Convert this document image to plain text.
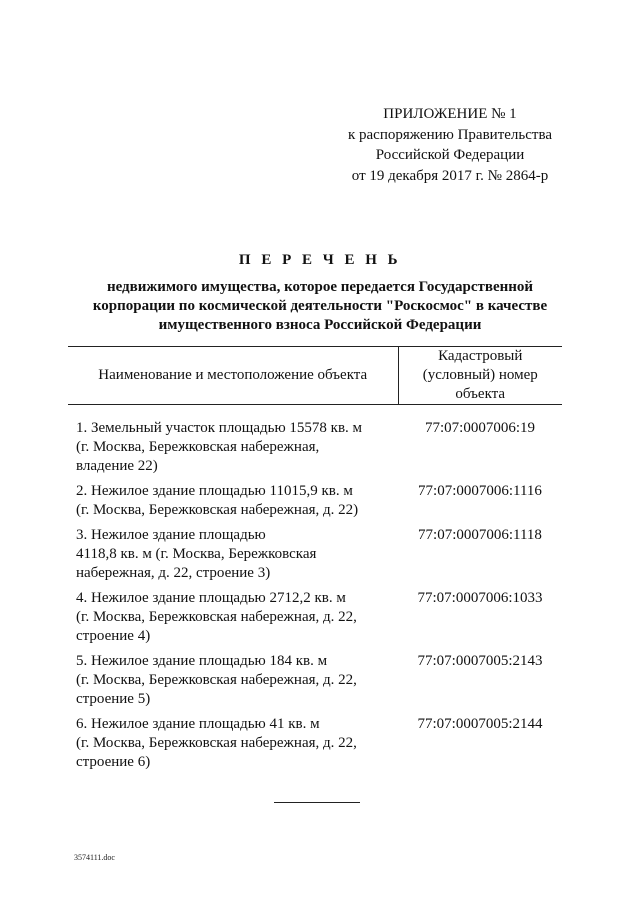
ПРИЛОЖЕНИЕ № 1
к распоряжению Правительства
Российской Федерации
от 19 декабря 2017 г. № 2864-р
П Е Р Е Ч Е Н Ь
недвижимого имущества, которое передается Государственной
корпорации по космической деятельности "Роскосмос" в качестве
имущественного взноса Российской Федерации
Наименование и местоположение объекта	Кадастровый
(условный) номер
объекта

1. Земельный участок площадью 15578 кв. м
(г. Москва, Бережковская набережная,
владение 22)	77:07:0007006:19

2. Нежилое здание площадью 11015,9 кв. м
(г. Москва, Бережковская набережная, д. 22)	77:07:0007006:1116

3. Нежилое здание площадью
4118,8 кв. м (г. Москва, Бережковская
набережная, д. 22, строение 3)	77:07:0007006:1118

4. Нежилое здание площадью 2712,2 кв. м
(г. Москва, Бережковская набережная, д. 22,
строение 4)	77:07:0007006:1033

5. Нежилое здание площадью 184 кв. м
(г. Москва, Бережковская набережная, д. 22,
строение 5)	77:07:0007005:2143

6. Нежилое здание площадью 41 кв. м
(г. Москва, Бережковская набережная, д. 22,
строение 6)	77:07:0007005:2144
3574111.doc
